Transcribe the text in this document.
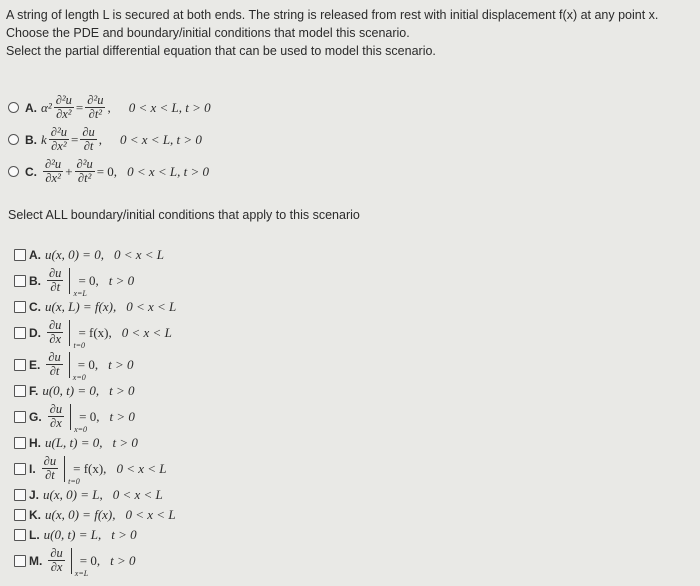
A string of length L is secured at both ends. The string is released from rest with initial displacement f(x) at any point x.
Choose the PDE and boundary/initial conditions that model this scenario.
Select the partial differential equation that can be used to model this scenario.
A. $\alpha^2 \frac{\text{∂²u}}{\text{∂x²}} = \frac{\text{∂²u}}{\text{∂t²}}$ , 0 < x < L, t > 0
B. k $\frac{\text{∂²u}}{\text{∂x²}} = \frac{\partial u}{\partial t}$ , 0 < x < L, t > 0
C. $\frac{\text{∂²u}}{\text{∂x²}} + \frac{\text{∂²u}}{\text{∂t²}} = 0$, 0 < x < L, t > 0
Select ALL boundary/initial conditions that apply to this scenario
A. u(x, 0) = 0, 0 < x < L
B. $\frac{\partial u}{\partial t} x=L$
= 0, t > 0
C. u(x, L) = f(x), 0 < x < L
D. $\frac{\partial u}{\partial x} t=0$
= f(x), 0 < x < L
E. $\frac{\partial u}{\partial t} x=0$
= 0, t > 0
F. u(0, t) = 0, t > 0
G. $\frac{\partial u}{\partial x} x=0$
= 0, t > 0
H. u(L, t) = 0, t > 0
I. $\frac{\partial u}{\partial t} t=0$
= f(x), 0 < x < L
J. u(x, 0) = L, 0 < x < L
K. u(x, 0) = f(x), 0 < x < L
L. u(0, t) = L, t > 0
M. $\frac{\partial u}{\partial x} x=L$
= 0, t > 0
